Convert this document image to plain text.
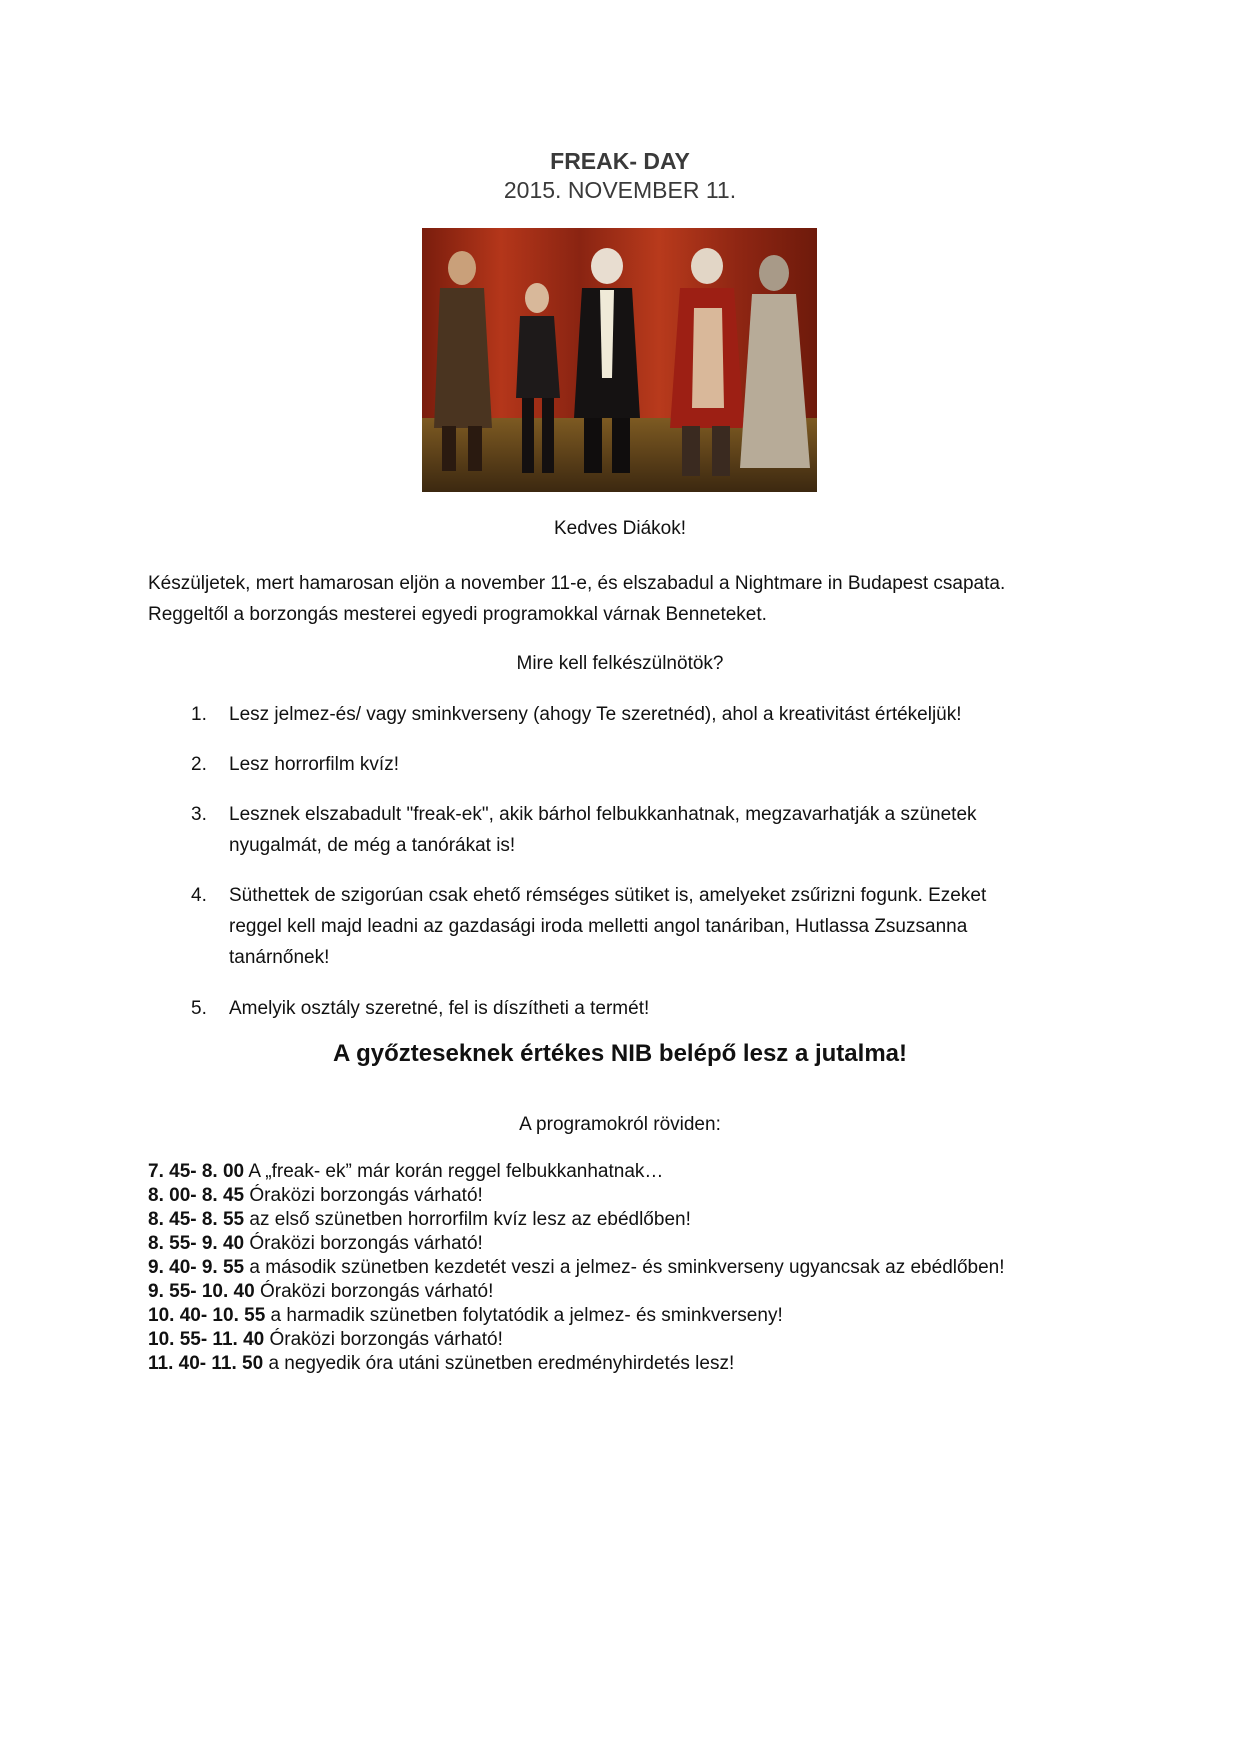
FREAK- DAY
2015. NOVEMBER 11.
Kedves Diákok!
Készüljetek, mert hamarosan eljön a november 11-e, és elszabadul a Nightmare in Budapest csapata.
Reggeltől a borzongás mesterei egyedi programokkal várnak Benneteket.
Mire kell felkészülnötök?
1. Lesz jelmez-és/ vagy sminkverseny (ahogy Te szeretnéd), ahol a kreativitást értékeljük!
2. Lesz horrorfilm kvíz!
3. Lesznek elszabadult "freak-ek", akik bárhol felbukkanhatnak, megzavarhatják a szünetek
nyugalmát, de még a tanórákat is!
4. Süthettek de szigorúan csak ehető rémséges sütiket is, amelyeket zsűrizni fogunk. Ezeket
reggel kell majd leadni az gazdasági iroda melletti angol tanáriban, Hutlassa Zsuzsanna
tanárnőnek!
5. Amelyik osztály szeretné, fel is díszítheti a termét!
A győzteseknek értékes NIB belépő lesz a jutalma!
A programokról röviden:
7. 45- 8. 00 A „freak- ek” már korán reggel felbukkanhatnak…
8. 00- 8. 45 Óraközi borzongás várható!
8. 45- 8. 55 az első szünetben horrorfilm kvíz lesz az ebédlőben!
8. 55- 9. 40 Óraközi borzongás várható!
9. 40- 9. 55 a második szünetben kezdetét veszi a jelmez- és sminkverseny ugyancsak az ebédlőben!
9. 55- 10. 40 Óraközi borzongás várható!
10. 40- 10. 55 a harmadik szünetben folytatódik a jelmez- és sminkverseny!
10. 55- 11. 40 Óraközi borzongás várható!
11. 40- 11. 50 a negyedik óra utáni szünetben eredményhirdetés lesz!
